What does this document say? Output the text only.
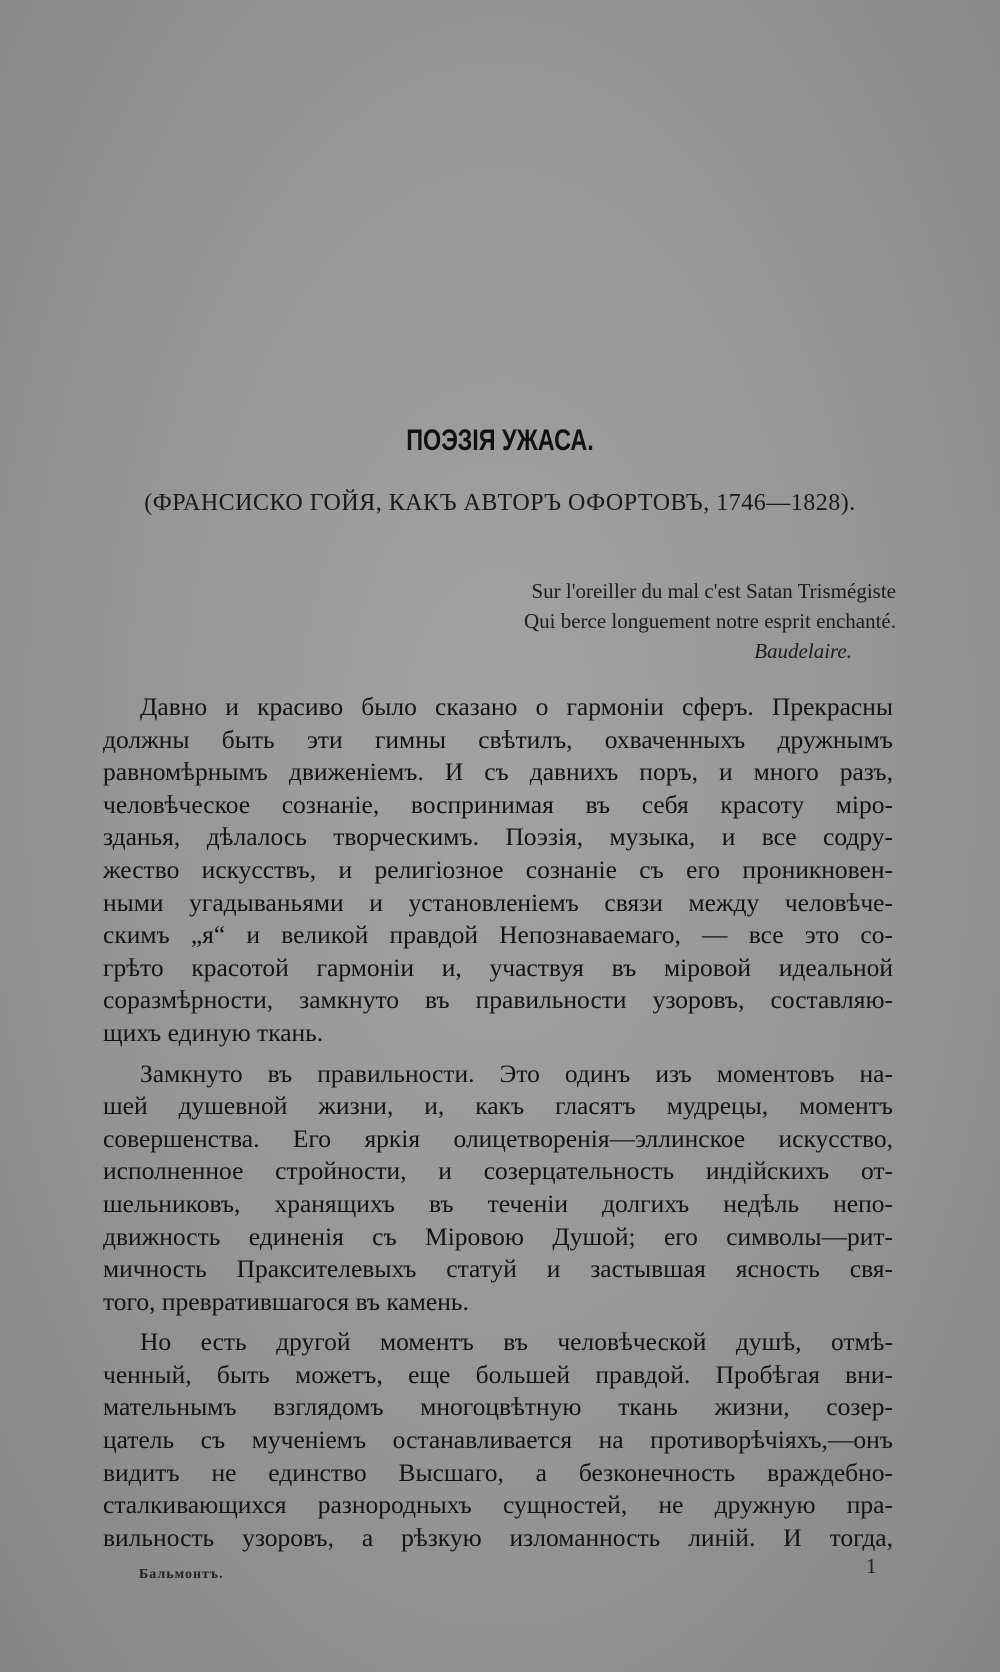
ПОЭЗІЯ УЖАСА.
(ФРАНСИСКО ГОЙЯ, КАКЪ АВТОРЪ ОФОРТОВЪ, 1746—1828).
Sur l'oreiller du mal c'est Satan Trismégiste
Qui berce longuement notre esprit enchanté.
Baudelaire.
Давно и красиво было сказано о гармоніи сферъ. Прекрасны
должны быть эти гимны свѣтилъ, охваченныхъ дружнымъ
равномѣрнымъ движеніемъ. И съ давнихъ поръ, и много разъ,
человѣческое сознаніе, воспринимая въ себя красоту міро-
зданья, дѣлалось творческимъ. Поэзія, музыка, и все содру-
жество искусствъ, и религіозное сознаніе съ его проникновен-
ными угадываньями и установленіемъ связи между человѣче-
скимъ „я“ и великой правдой Непознаваемаго, — все это со-
грѣто красотой гармоніи и, участвуя въ міровой идеальной
соразмѣрности, замкнуто въ правильности узоровъ, составляю-
щихъ единую ткань.
Замкнуто въ правильности. Это одинъ изъ моментовъ на-
шей душевной жизни, и, какъ гласятъ мудрецы, моментъ
совершенства. Его яркія олицетворенія—эллинское искусство,
исполненное стройности, и созерцательность индійскихъ от-
шельниковъ, хранящихъ въ теченіи долгихъ недѣль непо-
движность единенія съ Міровою Душой; его символы—рит-
мичность Праксителевыхъ статуй и застывшая ясность свя-
того, превратившагося въ камень.
Но есть другой моментъ въ человѣческой душѣ, отмѣ-
ченный, быть можетъ, еще большей правдой. Пробѣгая вни-
мательнымъ взглядомъ многоцвѣтную ткань жизни, созер-
цатель съ мученіемъ останавливается на противорѣчіяхъ,—онъ
видитъ не единство Высшаго, а безконечность враждебно-
сталкивающихся разнородныхъ сущностей, не дружную пра-
вильность узоровъ, а рѣзкую изломанность линій. И тогда,
Бальмонтъ.	1
